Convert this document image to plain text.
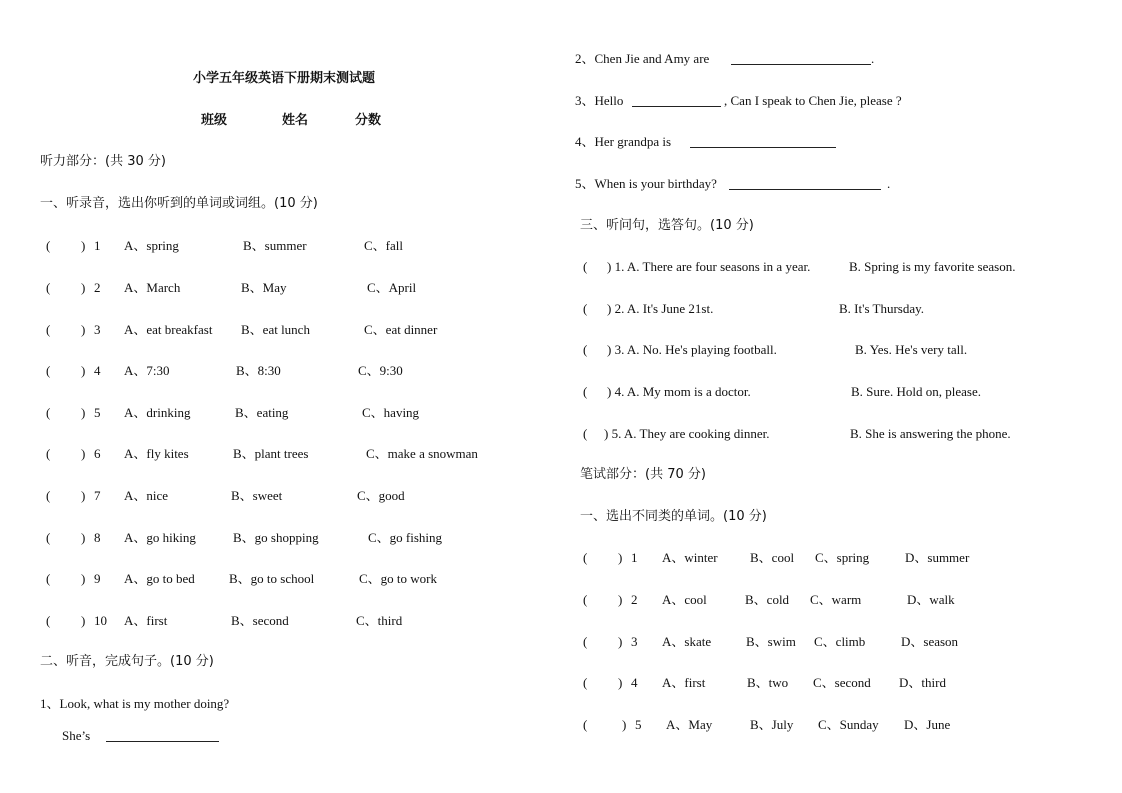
小学五年级英语下册期末测试题
班级	姓名	分数
听力部分：(共 30 分)
一、听录音，选出你听到的单词或词组。(10 分)
( ) 1 A、spring	B、summer	C、fall
( ) 2 A、March	B、May	C、April
( ) 3 A、eat breakfast B、eat lunch	C、eat dinner
( ) 4 A、7:30	B、8:30	C、9:30
( ) 5 A、drinking	B、eating	C、having
( ) 6 A、fly kites	B、plant trees	C、make a snowman
( ) 7 A、nice	B、sweet	C、good
( ) 8 A、go hiking	B、go shopping	C、go fishing
( ) 9 A、go to bed	B、go to school	C、go to work
( ) 10 A、first	B、second	C、third
二、听音，完成句子。(10 分)
1、Look, what is my mother doing?
She’s
2、Chen Jie and Amy are	.
3、Hello	, Can I speak to Chen Jie, please ?
4、Her grandpa is
5、When is your birthday?	.
三、听问句，选答句。(10 分)
( ) 1. A. There are four seasons in a year.	B. Spring is my favorite season.
( ) 2. A. It's June 21st.	B. It's Thursday.
( ) 3. A. No. He's playing football.	B. Yes. He's very tall.
( ) 4. A. My mom is a doctor.	B. Sure. Hold on, please.
( ) 5. A. They are cooking dinner.	B. She is answering the phone.
笔试部分：(共 70 分)
一、选出不同类的单词。(10 分)
( ) 1 A、winter B、cool C、spring	D、summer
( ) 2 A、cool	B、cold C、warm	D、walk
( ) 3 A、skate	B、swim C、climb	D、season
( ) 4 A、first	B、two C、second D、third
(	) 5 A、May	B、July C、Sunday D、June
